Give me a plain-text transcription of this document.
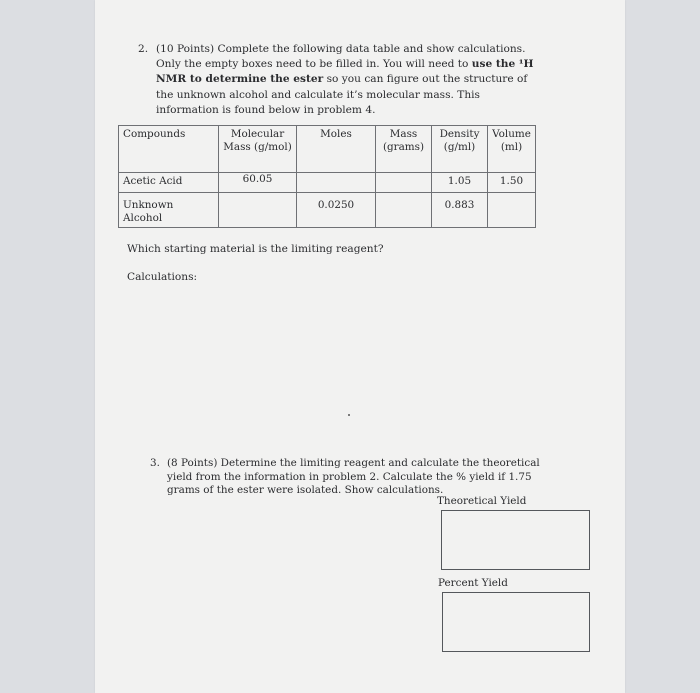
2. (10 Points) Complete the following data table and show calculations. Only the empty boxes need to be filled in. You will need to use the ¹H NMR to determine the ester so you can figure out the structure of the unknown alcohol and calculate it’s molecular mass. This information is found below in problem 4.
Compounds	Molecular Mass (g/mol)	Moles	Mass (grams)	Density (g/ml)	Volume (ml)
Acetic Acid	60.05			1.05	1.50

Unknown Alcohol		0.0250		0.883	

Which starting material is the limiting reagent?
Calculations:
3. (8 Points) Determine the limiting reagent and calculate the theoretical yield from the information in problem 2. Calculate the % yield if 1.75 grams of the ester were isolated. Show calculations.
Theoretical Yield
Percent Yield
